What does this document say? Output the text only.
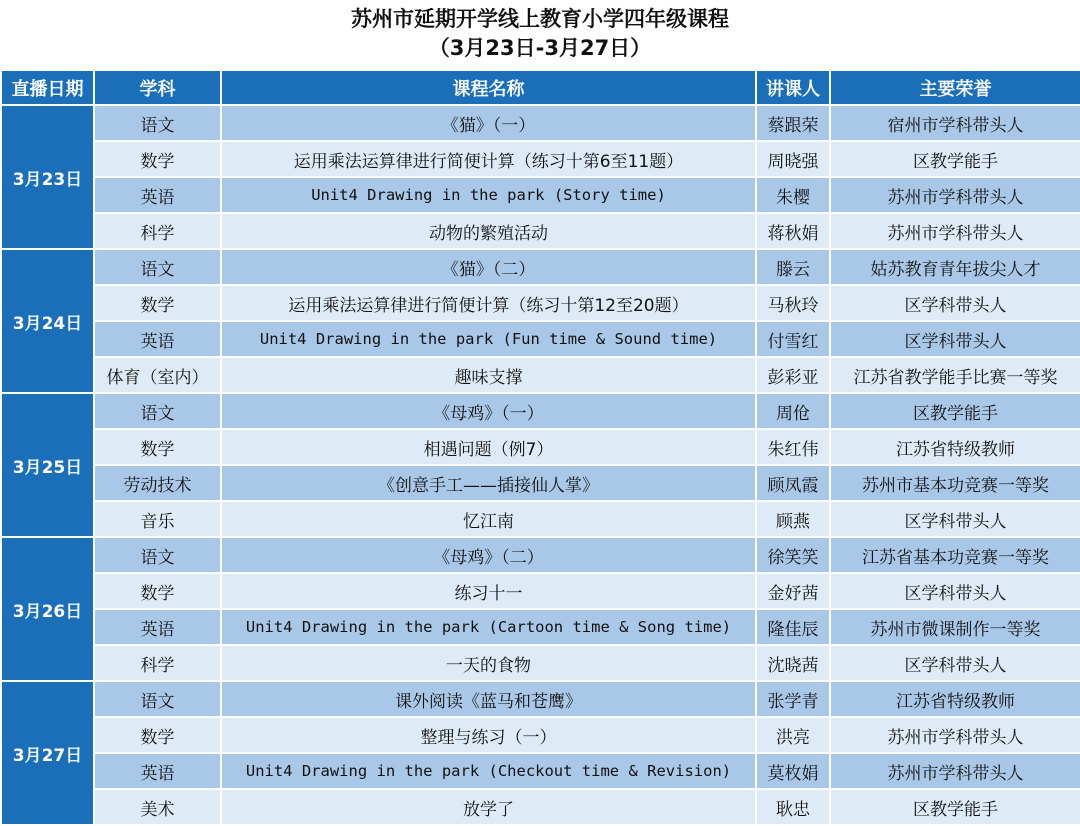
苏州市延期开学线上教育小学四年级课程
（3月23日-3月27日）
直播日期	学科	课程名称	讲课人	主要荣誉
3月23日	语文	《猫》（一）	蔡跟荣	宿州市学科带头人
	数学	运用乘法运算律进行简便计算（练习十第6至11题）	周晓强	区教学能手
	英语	Unit4 Drawing in the park (Story time)	朱樱	苏州市学科带头人
	科学	动物的繁殖活动	蒋秋娟	苏州市学科带头人
3月24日	语文	《猫》（二）	滕云	姑苏教育青年拔尖人才
	数学	运用乘法运算律进行简便计算（练习十第12至20题）	马秋玲	区学科带头人
	英语	Unit4 Drawing in the park (Fun time & Sound time)	付雪红	区学科带头人
	体育（室内）	趣味支撑	彭彩亚	江苏省教学能手比赛一等奖
3月25日	语文	《母鸡》（一）	周伧	区教学能手
	数学	相遇问题（例7）	朱红伟	江苏省特级教师
	劳动技术	《创意手工——插接仙人掌》	顾凤霞	苏州市基本功竞赛一等奖
	音乐	忆江南	顾燕	区学科带头人
3月26日	语文	《母鸡》（二）	徐笑笑	江苏省基本功竞赛一等奖
	数学	练习十一	金妤茜	区学科带头人
	英语	Unit4 Drawing in the park (Cartoon time & Song time)	隆佳辰	苏州市微课制作一等奖
	科学	一天的食物	沈晓茜	区学科带头人
3月27日	语文	课外阅读《蓝马和苍鹰》	张学青	江苏省特级教师
	数学	整理与练习（一）	洪亮	苏州市学科带头人
	英语	Unit4 Drawing in the park (Checkout time & Revision)	莫枚娟	苏州市学科带头人
	美术	放学了	耿忠	区教学能手
